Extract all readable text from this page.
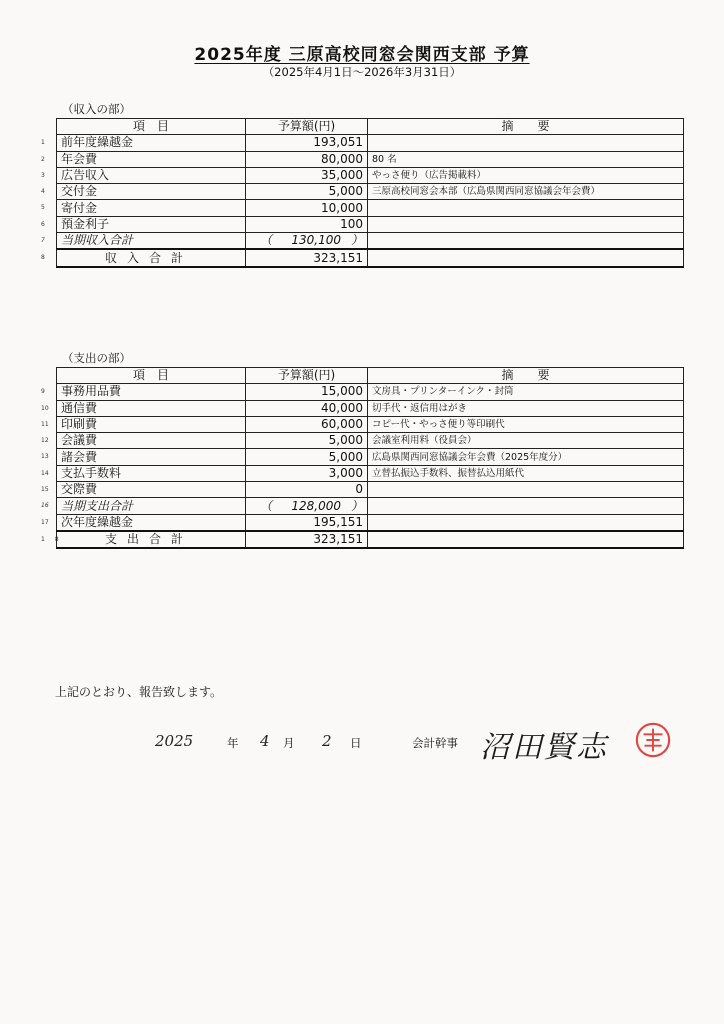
2025年度 三原高校同窓会関西支部 予算
（2025年4月1日～2026年3月31日）
（収入の部）
項　目	予算額(円)	摘　　要

1 前年度繰越金	193,051	

2 年会費	80,000	80 名

3 広告収入	35,000	やっさ便り（広告掲載料）

4 交付金	5,000	三原高校同窓会本部（広島県関西同窓協議会年会費）

5 寄付金	10,000	

6 預金利子	100	

7 当期収入合計	（ 130,100 ）	

8 収入合計	323,151	
（支出の部）
項　目	予算額(円)	摘　　要

9 事務用品費	15,000	文房具・プリンターインク・封筒

10 通信費	40,000	切手代・返信用はがき

11 印刷費	60,000	コピー代・やっさ便り等印刷代

12 会議費	5,000	会議室利用料（役員会）

13 諸会費	5,000	広島県関西同窓協議会年会費（2025年度分）

14 支払手数料	3,000	立替払振込手数料、振替払込用紙代

15 交際費	0	

16 当期支出合計	（ 128,000 ）	

17 次年度繰越金	195,151	

18 支出合計	323,151	
上記のとおり、報告致します。
2025	年 4 月 2 日	会計幹事 沼田賢志
